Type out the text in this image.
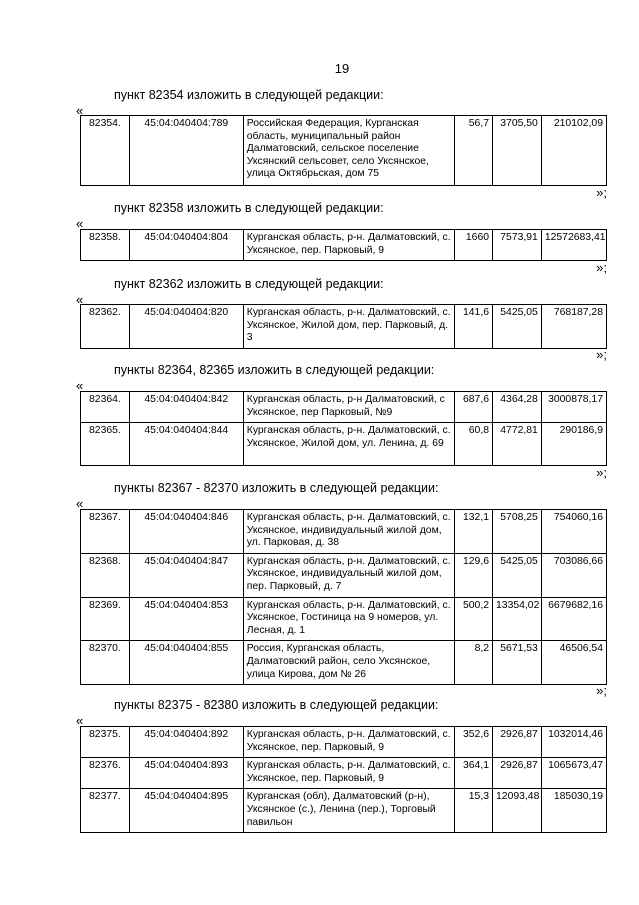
19
пункт 82354 изложить в следующей редакции:
«
82354.	45:04:040404:789	Российская Федерация, Курганская область, муниципальный район Далматовский, сельское поселение Уксянский сельсовет, село Уксянское, улица Октябрьская, дом 75	56,7	3705,50	210102,09
»;
пункт 82358 изложить в следующей редакции:
«
82358.	45:04:040404:804	Курганская область, р-н. Далматовский, с. Уксянское, пер. Парковый, 9	1660	7573,91	12572683,41
»;
пункт 82362 изложить в следующей редакции:
«
82362.	45:04:040404:820	Курганская область, р-н. Далматовский, с. Уксянское, Жилой дом, пер. Парковый, д. 3	141,6	5425,05	768187,28
»;
пункты 82364, 82365 изложить в следующей редакции:
«
82364.	45:04:040404:842	Курганская область, р-н Далматовский, с Уксянское, пер Парковый, №9	687,6	4364,28	3000878,17
82365.	45:04:040404:844	Курганская область, р-н. Далматовский, с. Уксянское, Жилой дом, ул. Ленина, д. 69	60,8	4772,81	290186,9
»;
пункты 82367 - 82370 изложить в следующей редакции:
«
82367.	45:04:040404:846	Курганская область, р-н. Далматовский, с. Уксянское, индивидуальный жилой дом, ул. Парковая, д. 38	132,1	5708,25	754060,16
82368.	45:04:040404:847	Курганская область, р-н. Далматовский, с. Уксянское, индивидуальный жилой дом, пер. Парковый, д. 7	129,6	5425,05	703086,66
82369.	45:04:040404:853	Курганская область, р-н. Далматовский, с. Уксянское, Гостиница на 9 номеров, ул. Лесная, д. 1	500,2	13354,02	6679682,16
82370.	45:04:040404:855	Россия, Курганская область, Далматовский район, село Уксянское, улица Кирова, дом № 26	8,2	5671,53	46506,54
»;
пункты 82375 - 82380 изложить в следующей редакции:
«
82375.	45:04:040404:892	Курганская область, р-н. Далматовский, с. Уксянское, пер. Парковый, 9	352,6	2926,87	1032014,46
82376.	45:04:040404:893	Курганская область, р-н. Далматовский, с. Уксянское, пер. Парковый, 9	364,1	2926,87	1065673,47
82377.	45:04:040404:895	Курганская (обл), Далматовский (р-н), Уксянское (с.), Ленина (пер.), Торговый павильон	15,3	12093,48	185030,19
